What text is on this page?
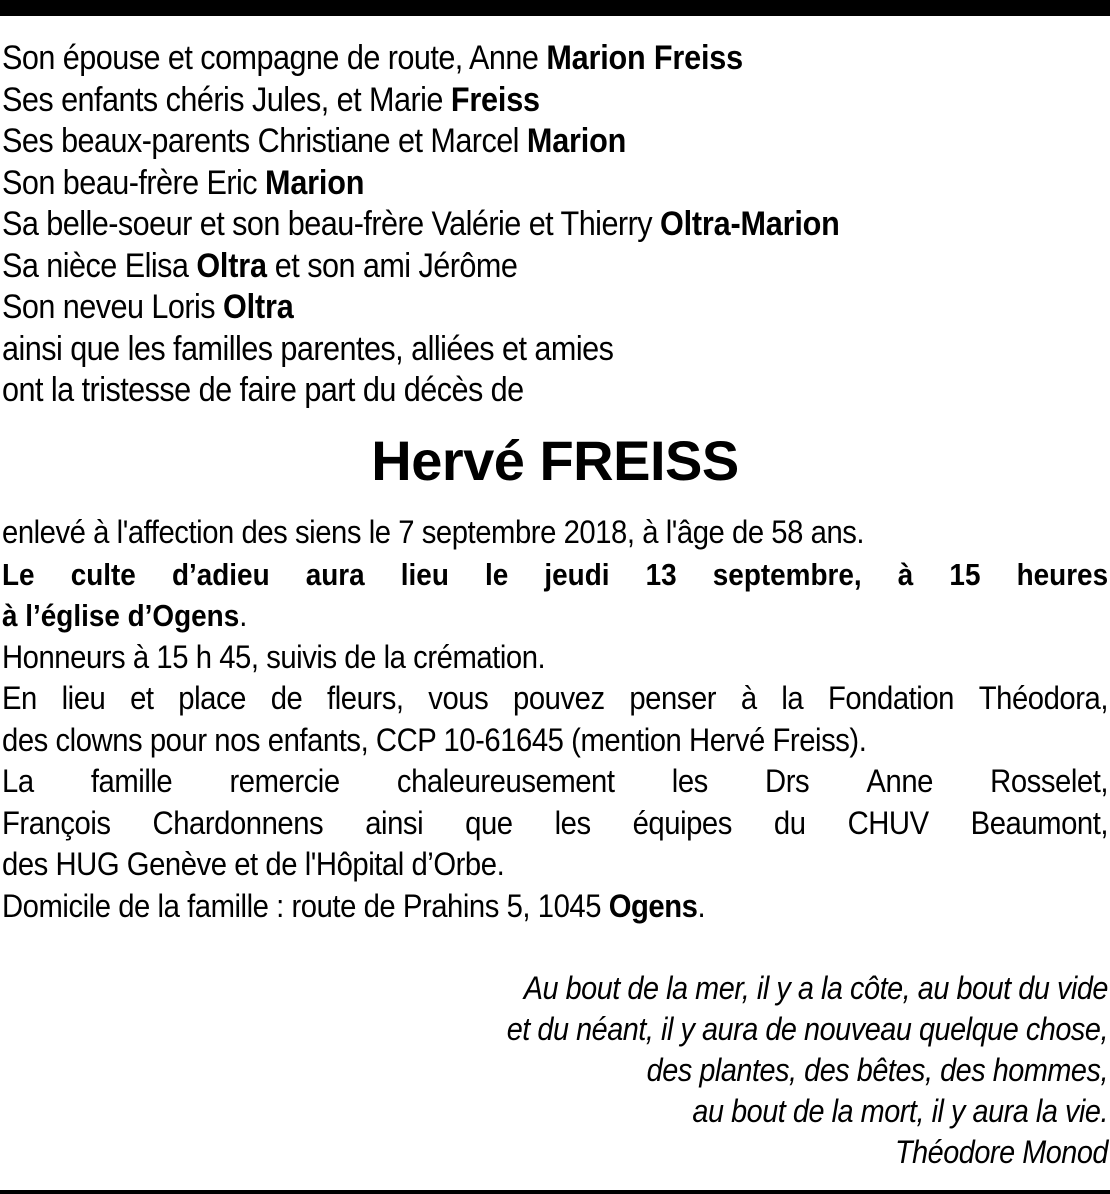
Son épouse et compagne de route, Anne Marion Freiss
Ses enfants chéris Jules, et Marie Freiss
Ses beaux-parents Christiane et Marcel Marion
Son beau-frère Eric Marion
Sa belle-soeur et son beau-frère Valérie et Thierry Oltra-Marion
Sa nièce Elisa Oltra et son ami Jérôme
Son neveu Loris Oltra
ainsi que les familles parentes, alliées et amies
ont la tristesse de faire part du décès de
Hervé FREISS
enlevé à l'affection des siens le 7 septembre 2018, à l'âge de 58 ans.
Le culte d’adieu aura lieu le jeudi 13 septembre, à 15 heures
à l’église d’Ogens.
Honneurs à 15 h 45, suivis de la crémation.
En lieu et place de fleurs, vous pouvez penser à la Fondation Théodora,
des clowns pour nos enfants, CCP 10-61645 (mention Hervé Freiss).
La famille remercie chaleureusement les Drs Anne Rosselet,
François Chardonnens ainsi que les équipes du CHUV Beaumont,
des HUG Genève et de l'Hôpital d’Orbe.
Domicile de la famille : route de Prahins 5, 1045 Ogens.
Au bout de la mer, il y a la côte, au bout du vide
et du néant, il y aura de nouveau quelque chose,
des plantes, des bêtes, des hommes,
au bout de la mort, il y aura la vie.
Théodore Monod
